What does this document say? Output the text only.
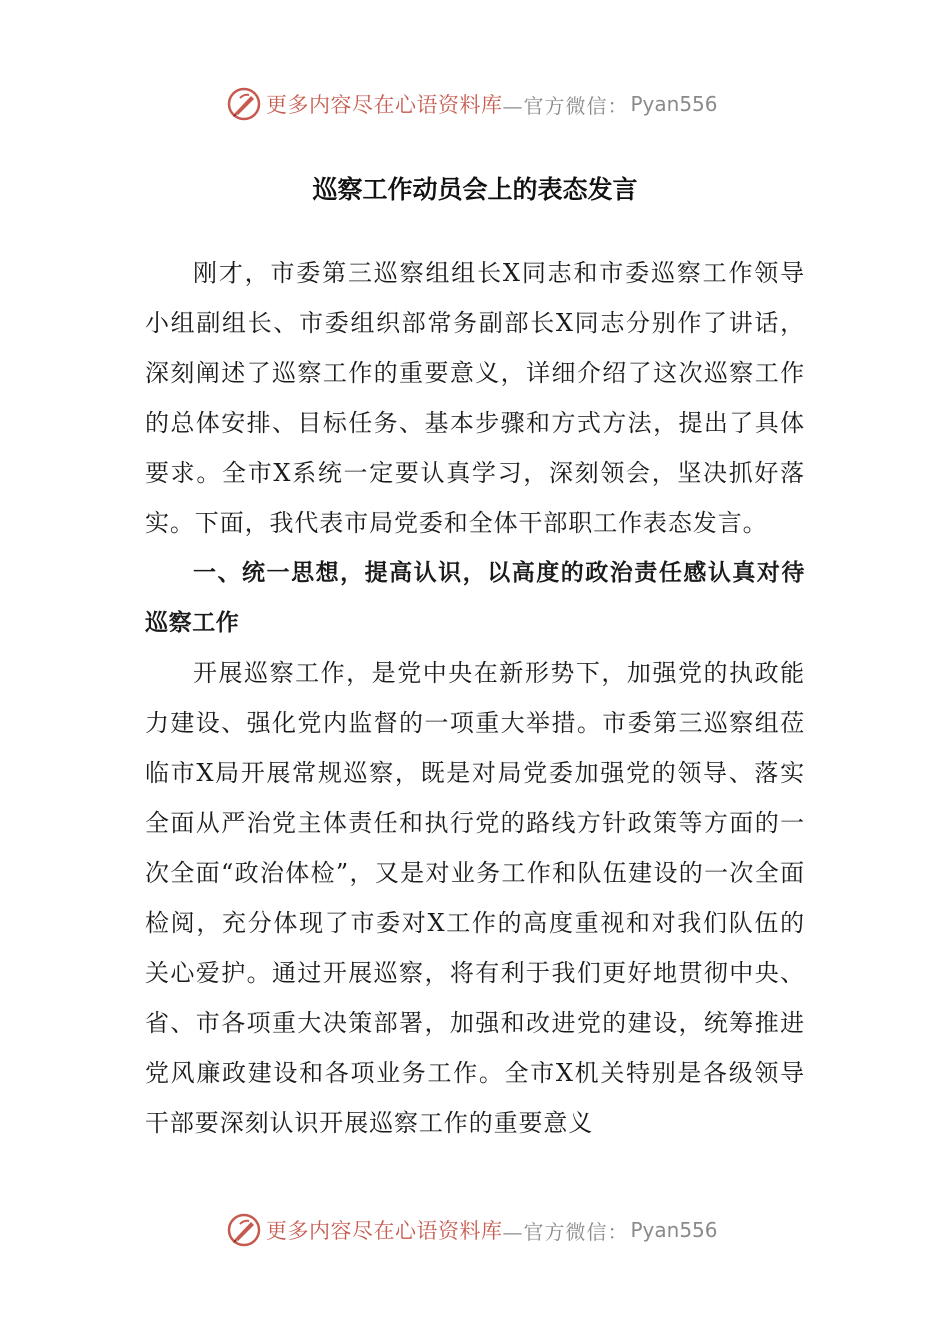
更多内容尽在心语资料库 —官方微信： Pyan556
巡察工作动员会上的表态发言

刚才，市委第三巡察组组长X同志和市委巡察工作领导小组副组长、市委组织部常务副部长X同志分别作了讲话，深刻阐述了巡察工作的重要意义，详细介绍了这次巡察工作的总体安排、目标任务、基本步骤和方式方法，提出了具体要求。全市X系统一定要认真学习，深刻领会，坚决抓好落实。下面，我代表市局党委和全体干部职工作表态发言。

一、统一思想，提高认识，以高度的政治责任感认真对待巡察工作

开展巡察工作，是党中央在新形势下，加强党的执政能力建设、强化党内监督的一项重大举措。市委第三巡察组莅临市X局开展常规巡察，既是对局党委加强党的领导、落实全面从严治党主体责任和执行党的路线方针政策等方面的一次全面“政治体检”，又是对业务工作和队伍建设的一次全面检阅，充分体现了市委对X工作的高度重视和对我们队伍的关心爱护。通过开展巡察，将有利于我们更好地贯彻中央、省、市各项重大决策部署，加强和改进党的建设，统筹推进党风廉政建设和各项业务工作。全市X机关特别是各级领导干部要深刻认识开展巡察工作的重要意义

更多内容尽在心语资料库 —官方微信： Pyan556
